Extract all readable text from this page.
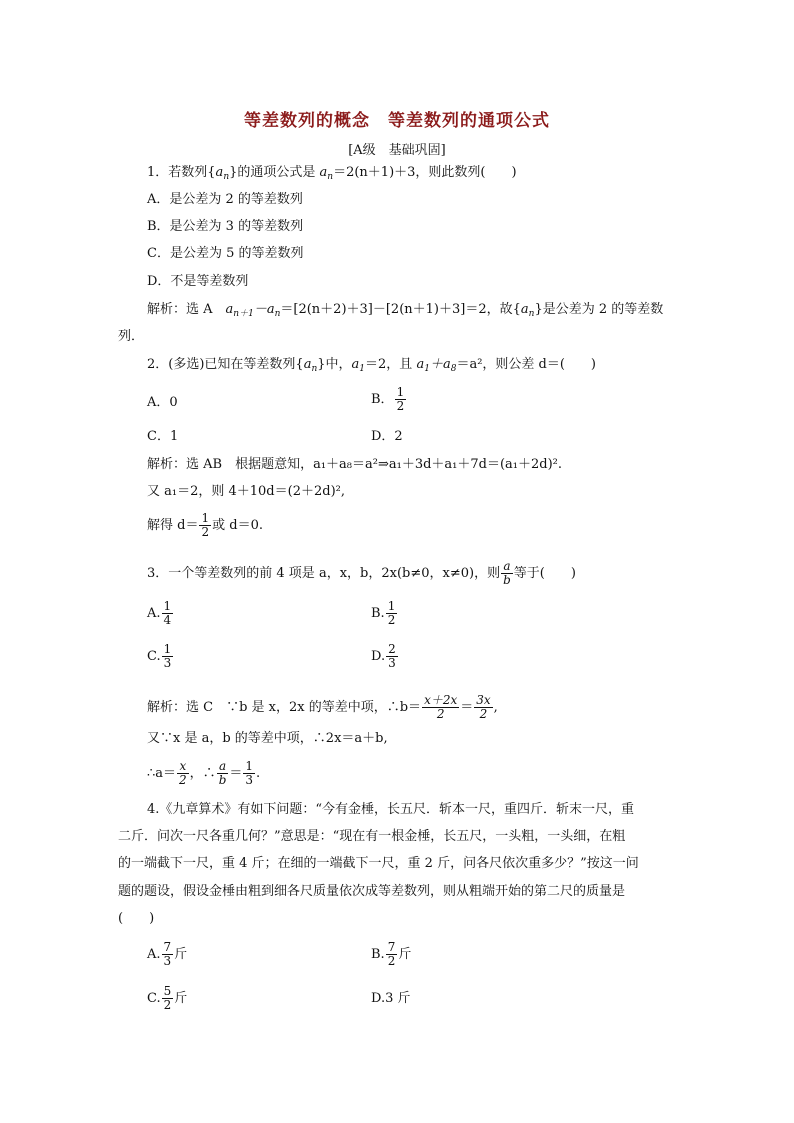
等差数列的概念　等差数列的通项公式
[A级　基础巩固]
1．若数列$\{a_n\}$的通项公式是 $a_n=2(n+1)+3$，则此数列(　　)
A．是公差为 2 的等差数列
B．是公差为 3 的等差数列
C．是公差为 5 的等差数列
D．不是等差数列
解析：选 A　$a_{n+1}-a_n=[2(n+2)+3]-[2(n+1)+3]=2$，故$\{a_n\}$是公差为 2 的等差数
列．
2．(多选)已知在等差数列$\{a_n\}$中，$a_1=2$，且 $a_1+a_8=a^2$，则公差 d＝(　　)
A．0	B． $\frac{1}{2}$
C．1	D．2
解析：选 AB　根据题意知，a₁＋a₈＝a²⇒a₁＋3d＋a₁＋7d＝(a₁＋2d)².
又 a₁＝2，则 4＋10d＝(2＋2d)²,
解得 $d= \frac{1}{2}$ 或 d＝0.
3．一个等差数列的前 4 项是 a，x，b，2x(b≠0，x≠0)，则 $\frac{a}{b}$ 等于(　　)
A. $\frac{1}{4}$	B. $\frac{1}{2}$
C. $\frac{1}{3}$	D. $\frac{2}{3}$
解析：选 C　∵b 是 x，2x 的等差中项，∴b＝ $\frac{x+2x}{2} = \frac{3x}{2}$ ,
又∵x 是 a，b 的等差中项，∴2x＝a＋b,
∴a＝ $\frac{x}{2}$ ，∴ $\frac{a}{b} = \frac{1}{3}$ .
4.《九章算术》有如下问题：“今有金棰，长五尺．斩本一尺，重四斤．斩末一尺，重
二斤．问次一尺各重几何？”意思是：“现在有一根金棰，长五尺，一头粗，一头细，在粗
的一端截下一尺，重 4 斤；在细的一端截下一尺，重 2 斤，问各尺依次重多少？”按这一问
题的题设，假设金棰由粗到细各尺质量依次成等差数列，则从粗端开始的第二尺的质量是
(　　)
A. $\frac{7}{3}$ 斤	B. $\frac{7}{2}$ 斤
C. $\frac{5}{2}$ 斤	D.3 斤
